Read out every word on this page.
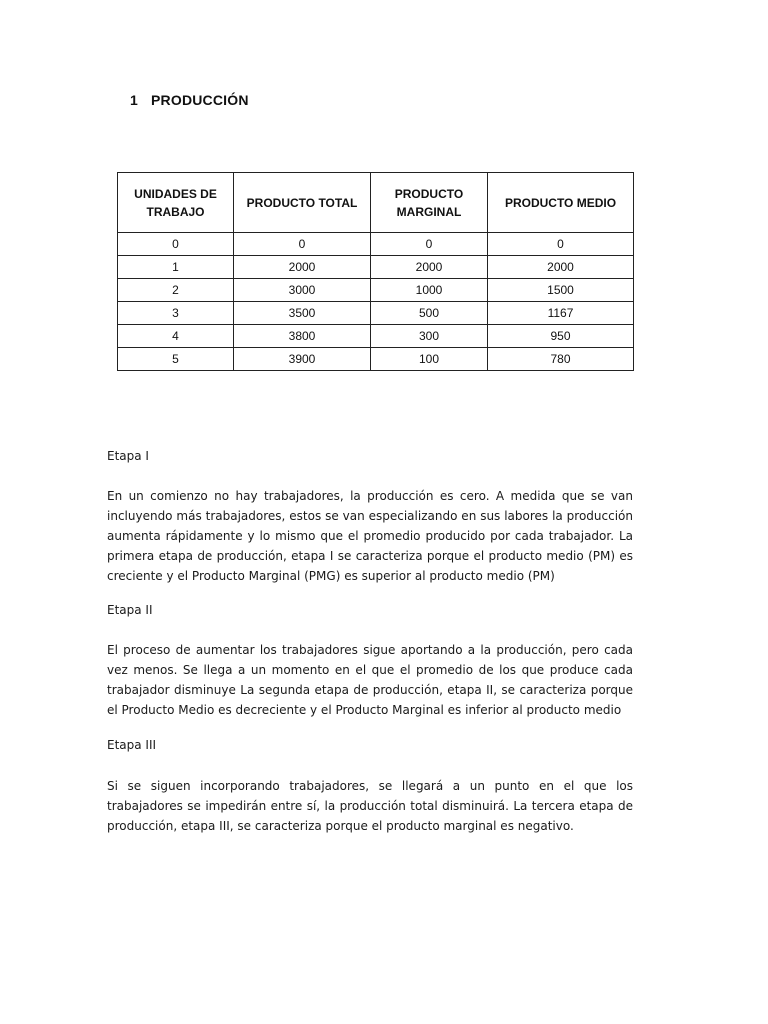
1 PRODUCCIÓN
UNIDADES DE TRABAJO	PRODUCTO TOTAL	PRODUCTO MARGINAL	PRODUCTO MEDIO
0	0	0	0
1	2000	2000	2000
2	3000	1000	1500
3	3500	500	1167
4	3800	300	950
5	3900	100	780
Etapa I
En un comienzo no hay trabajadores, la producción es cero. A medida que se van incluyendo más trabajadores, estos se van especializando en sus labores la producción aumenta rápidamente y lo mismo que el promedio producido por cada trabajador. La primera etapa de producción, etapa I se caracteriza porque el producto medio (PM) es creciente y el Producto Marginal (PMG) es superior al producto medio (PM)
Etapa II
El proceso de aumentar los trabajadores sigue aportando a la producción, pero cada vez menos. Se llega a un momento en el que el promedio de los que produce cada trabajador disminuye La segunda etapa de producción, etapa II, se caracteriza porque el Producto Medio es decreciente y el Producto Marginal es inferior al producto medio
Etapa III
Si se siguen incorporando trabajadores, se llegará a un punto en el que los trabajadores se impedirán entre sí, la producción total disminuirá. La tercera etapa de producción, etapa III, se caracteriza porque el producto marginal es negativo.
